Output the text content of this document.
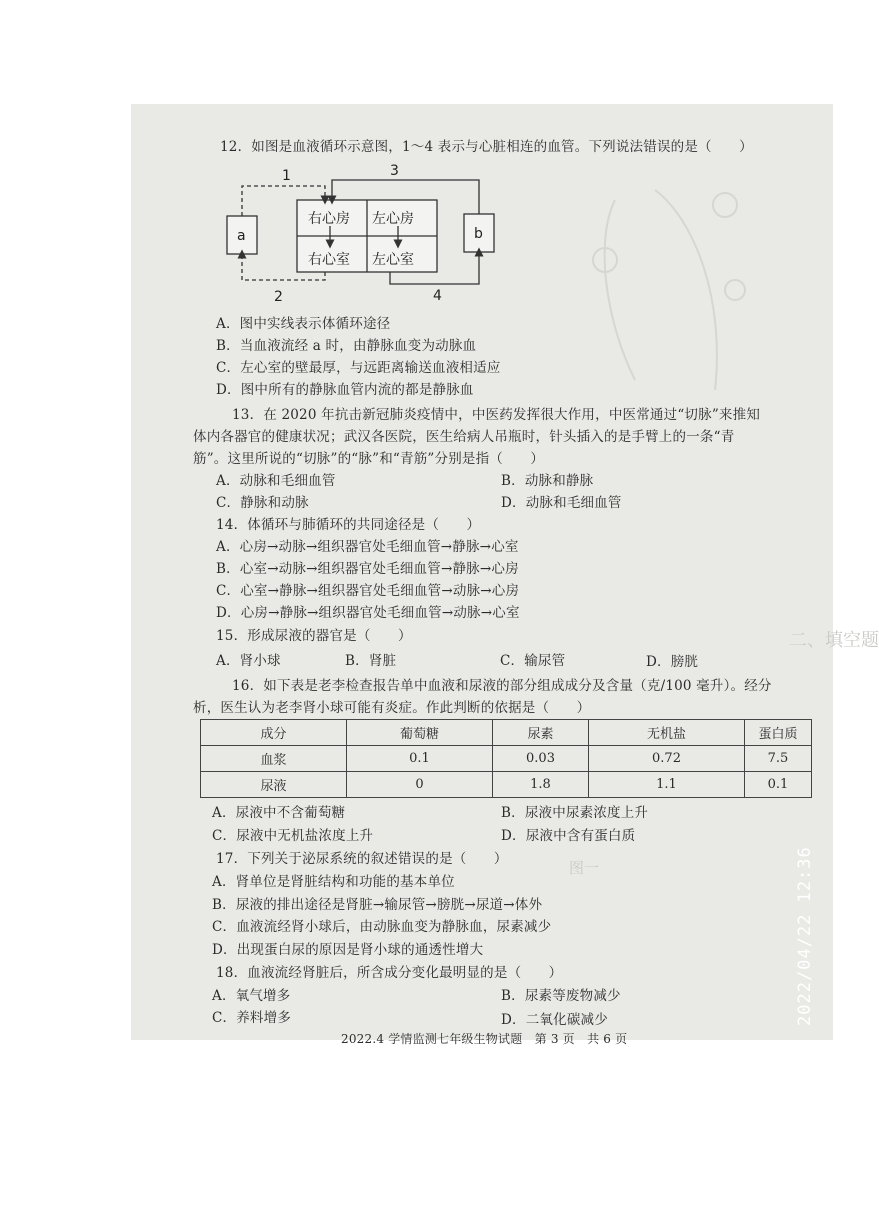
二、填空题
图一
12．如图是血液循环示意图，1～4 表示与心脏相连的血管。下列说法错误的是（　　）
右心房 左心房
右心室 左心室
a	b
1
2
3
4
A．图中实线表示体循环途径
B．当血液流经 a 时，由静脉血变为动脉血
C．左心室的壁最厚，与远距离输送血液相适应
D．图中所有的静脉血管内流的都是静脉血
13．在 2020 年抗击新冠肺炎疫情中，中医药发挥很大作用，中医常通过“切脉”来推知
体内各器官的健康状况；武汉各医院，医生给病人吊瓶时，针头插入的是手臂上的一条“青
筋”。这里所说的“切脉”的“脉”和“青筋”分别是指（　　）
A．动脉和毛细血管	B．动脉和静脉
C．静脉和动脉	D．动脉和毛细血管
14．体循环与肺循环的共同途径是（　　）
A．心房→动脉→组织器官处毛细血管→静脉→心室
B．心室→动脉→组织器官处毛细血管→静脉→心房
C．心室→静脉→组织器官处毛细血管→动脉→心房
D．心房→静脉→组织器官处毛细血管→动脉→心室
15．形成尿液的器官是（　　）
A．肾小球	B．肾脏	C．输尿管	D．膀胱
16．如下表是老李检查报告单中血液和尿液的部分组成成分及含量（克/100 毫升）。经分
析，医生认为老李肾小球可能有炎症。作此判断的依据是（　　）
成分	葡萄糖	尿素	无机盐	蛋白质
血浆	0.1	0.03	0.72	7.5
尿液	0	1.8	1.1	0.1
A．尿液中不含葡萄糖	B．尿液中尿素浓度上升
C．尿液中无机盐浓度上升	D．尿液中含有蛋白质
17．下列关于泌尿系统的叙述错误的是（　　）
A．肾单位是肾脏结构和功能的基本单位
B．尿液的排出途径是肾脏→输尿管→膀胱→尿道→体外
C．血液流经肾小球后，由动脉血变为静脉血，尿素减少
D．出现蛋白尿的原因是肾小球的通透性增大
18．血液流经肾脏后，所含成分变化最明显的是（　　）
A．氧气增多	B．尿素等废物减少
C．养料增多	D．二氧化碳减少
2022.4 学情监测七年级生物试题　第 3 页　共 6 页
2022/04/22 12:36
